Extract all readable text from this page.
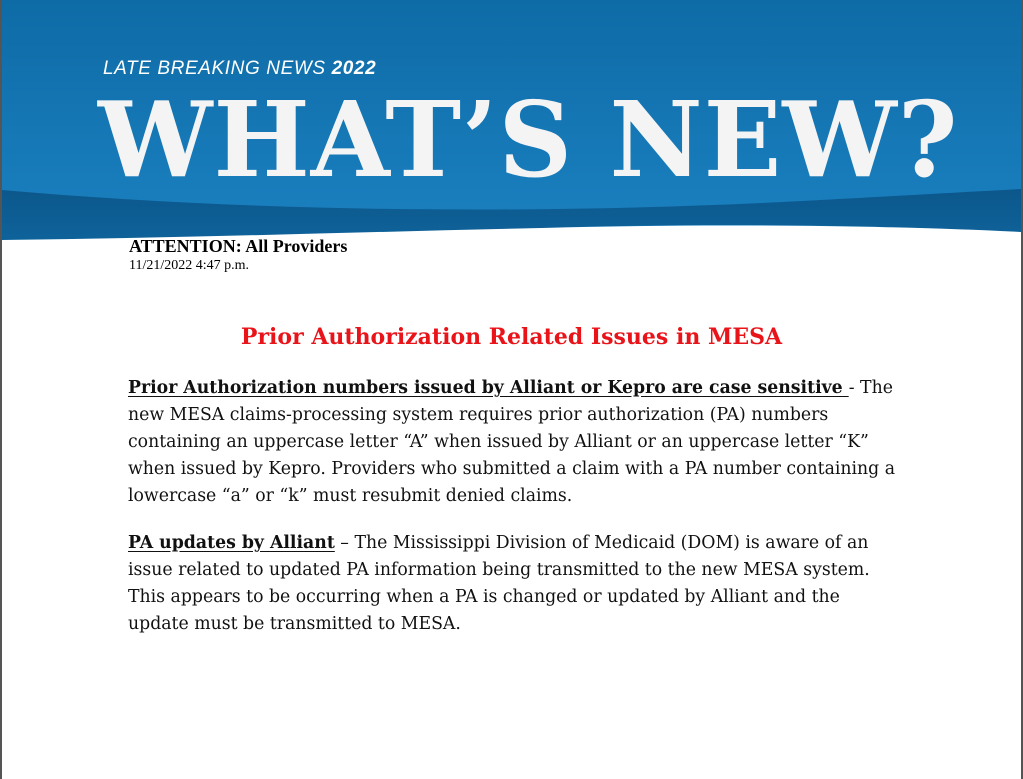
LATE BREAKING NEWS 2022
WHAT’S NEW?
ATTENTION: All Providers
11/21/2022 4:47 p.m.
Prior Authorization Related Issues in MESA
Prior Authorization numbers issued by Alliant or Kepro are case sensitive - The new MESA claims-processing system requires prior authorization (PA) numbers containing an uppercase letter “A” when issued by Alliant or an uppercase letter “K” when issued by Kepro. Providers who submitted a claim with a PA number containing a lowercase “a” or “k” must resubmit denied claims.
PA updates by Alliant – The Mississippi Division of Medicaid (DOM) is aware of an issue related to updated PA information being transmitted to the new MESA system. This appears to be occurring when a PA is changed or updated by Alliant and the update must be transmitted to MESA.
